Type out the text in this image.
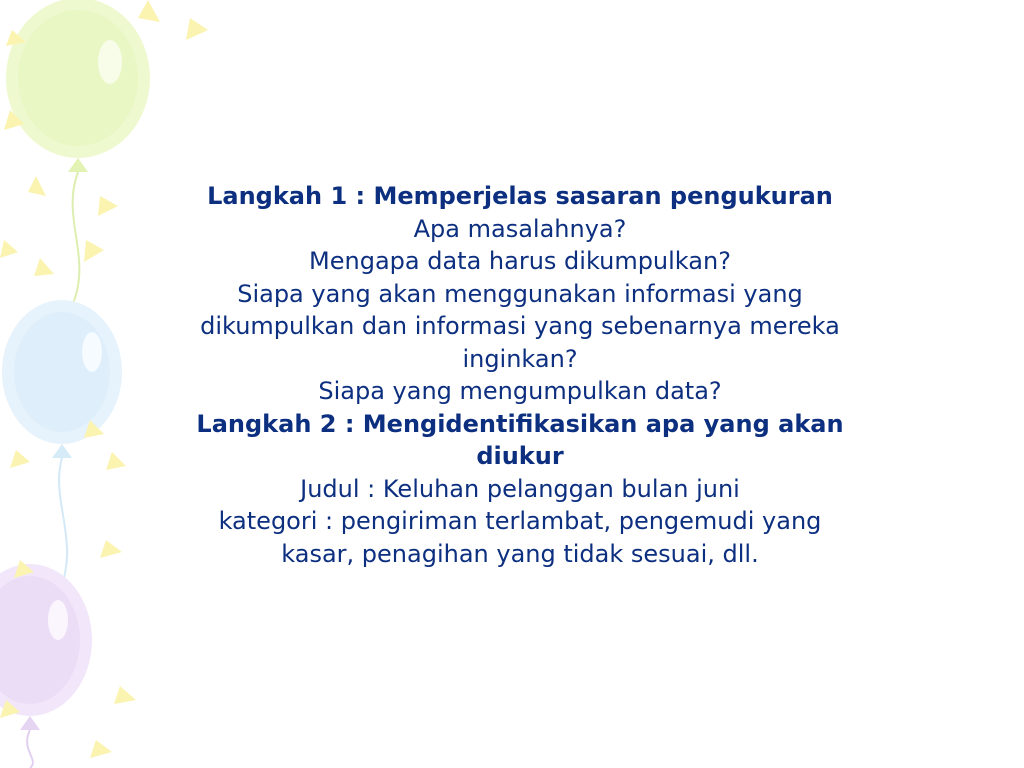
Langkah 1 : Memperjelas sasaran pengukuran
Apa masalahnya?
Mengapa data harus dikumpulkan?
Siapa yang akan menggunakan informasi yang
dikumpulkan dan informasi yang sebenarnya mereka
inginkan?
Siapa yang mengumpulkan data?
Langkah 2 : Mengidentifikasikan apa yang akan
diukur
Judul : Keluhan pelanggan bulan juni
kategori : pengiriman terlambat, pengemudi yang
kasar, penagihan yang tidak sesuai, dll.
